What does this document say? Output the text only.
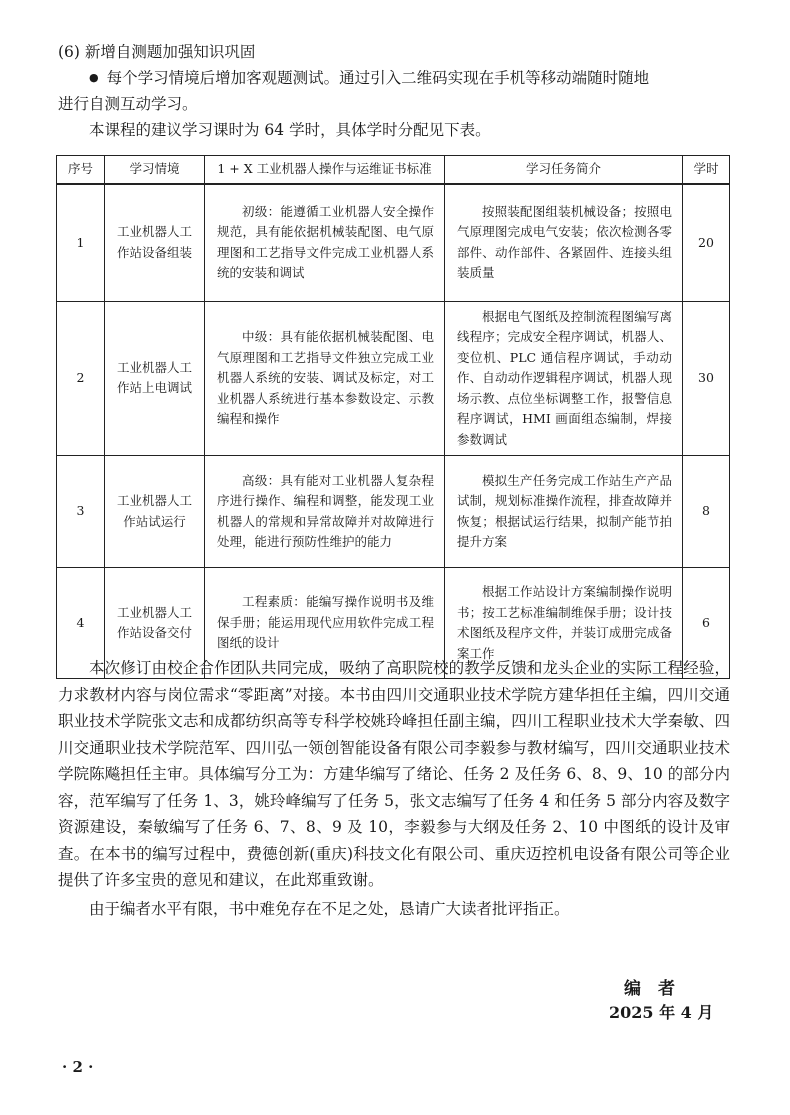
(6) 新增自测题加强知识巩固
● 每个学习情境后增加客观题测试。通过引入二维码实现在手机等移动端随时随地
进行自测互动学习。
本课程的建议学习课时为 64 学时，具体学时分配见下表。
序号	学习情境	1 + X 工业机器人操作与运维证书标准	学习任务简介	学时
1	工业机器人工作站设备组装	初级：能遵循工业机器人安全操作规范，具有能依据机械装配图、电气原理图和工艺指导文件完成工业机器人系统的安装和调试	按照装配图组装机械设备；按照电气原理图完成电气安装；依次检测各零部件、动作部件、各紧固件、连接头组装质量	20
2	工业机器人工作站上电调试	中级：具有能依据机械装配图、电气原理图和工艺指导文件独立完成工业机器人系统的安装、调试及标定，对工业机器人系统进行基本参数设定、示教编程和操作	根据电气图纸及控制流程图编写离线程序；完成安全程序调试，机器人、变位机、PLC 通信程序调试，手动动作、自动动作逻辑程序调试，机器人现场示教、点位坐标调整工作，报警信息程序调试，HMI 画面组态编制，焊接参数调试	30
3	工业机器人工作站试运行	高级：具有能对工业机器人复杂程序进行操作、编程和调整，能发现工业机器人的常规和异常故障并对故障进行处理，能进行预防性维护的能力	模拟生产任务完成工作站生产产品试制，规划标准操作流程，排查故障并恢复；根据试运行结果，拟制产能节拍提升方案	8
4	工业机器人工作站设备交付	工程素质：能编写操作说明书及维保手册；能运用现代应用软件完成工程图纸的设计	根据工作站设计方案编制操作说明书；按工艺标准编制维保手册；设计技术图纸及程序文件，并装订成册完成备案工作	6
本次修订由校企合作团队共同完成，吸纳了高职院校的教学反馈和龙头企业的实际工程经验，力求教材内容与岗位需求“零距离”对接。本书由四川交通职业技术学院方建华担任主编，四川交通职业技术学院张文志和成都纺织高等专科学校姚玲峰担任副主编，四川工程职业技术大学秦敏、四川交通职业技术学院范军、四川弘一领创智能设备有限公司李毅参与教材编写，四川交通职业技术学院陈飚担任主审。具体编写分工为：方建华编写了绪论、任务 2 及任务 6、8、9、10 的部分内容，范军编写了任务 1、3，姚玲峰编写了任务 5，张文志编写了任务 4 和任务 5 部分内容及数字资源建设，秦敏编写了任务 6、7、8、9 及 10，李毅参与大纲及任务 2、10 中图纸的设计及审查。在本书的编写过程中，费德创新(重庆)科技文化有限公司、重庆迈控机电设备有限公司等企业提供了许多宝贵的意见和建议，在此郑重致谢。
由于编者水平有限，书中难免存在不足之处，恳请广大读者批评指正。
编　者
2025 年 4 月
· 2 ·
